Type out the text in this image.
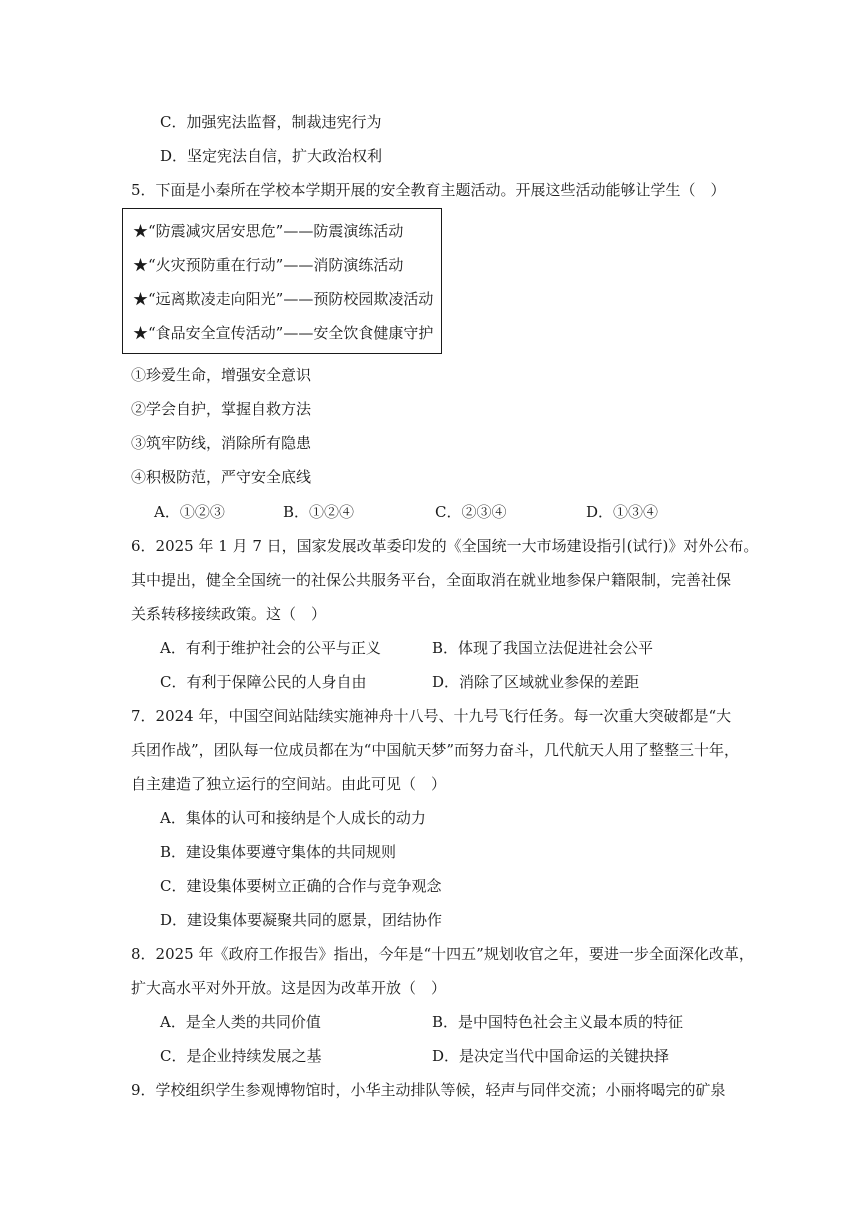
C．加强宪法监督，制裁违宪行为
D．坚定宪法自信，扩大政治权利
5．下面是小秦所在学校本学期开展的安全教育主题活动。开展这些活动能够让学生（　）
★“防震减灾居安思危”——防震演练活动
★“火灾预防重在行动”——消防演练活动
★“远离欺凌走向阳光”——预防校园欺凌活动
★“食品安全宣传活动”——安全饮食健康守护
①珍爱生命，增强安全意识
②学会自护，掌握自救方法
③筑牢防线，消除所有隐患
④积极防范，严守安全底线
A．①②③	B．①②④	C．②③④	D．①③④
6．2025 年 1 月 7 日，国家发展改革委印发的《全国统一大市场建设指引(试行)》对外公布。
其中提出，健全全国统一的社保公共服务平台，全面取消在就业地参保户籍限制，完善社保
关系转移接续政策。这（　）
A．有利于维护社会的公平与正义	B．体现了我国立法促进社会公平
C．有利于保障公民的人身自由	D．消除了区域就业参保的差距
7．2024 年，中国空间站陆续实施神舟十八号、十九号飞行任务。每一次重大突破都是“大
兵团作战”，团队每一位成员都在为“中国航天梦”而努力奋斗，几代航天人用了整整三十年，
自主建造了独立运行的空间站。由此可见（　）
A．集体的认可和接纳是个人成长的动力
B．建设集体要遵守集体的共同规则
C．建设集体要树立正确的合作与竞争观念
D．建设集体要凝聚共同的愿景，团结协作
8．2025 年《政府工作报告》指出，今年是“十四五”规划收官之年，要进一步全面深化改革，
扩大高水平对外开放。这是因为改革开放（　）
A．是全人类的共同价值	B．是中国特色社会主义最本质的特征
C．是企业持续发展之基	D．是决定当代中国命运的关键抉择
9．学校组织学生参观博物馆时，小华主动排队等候，轻声与同伴交流；小丽将喝完的矿泉
